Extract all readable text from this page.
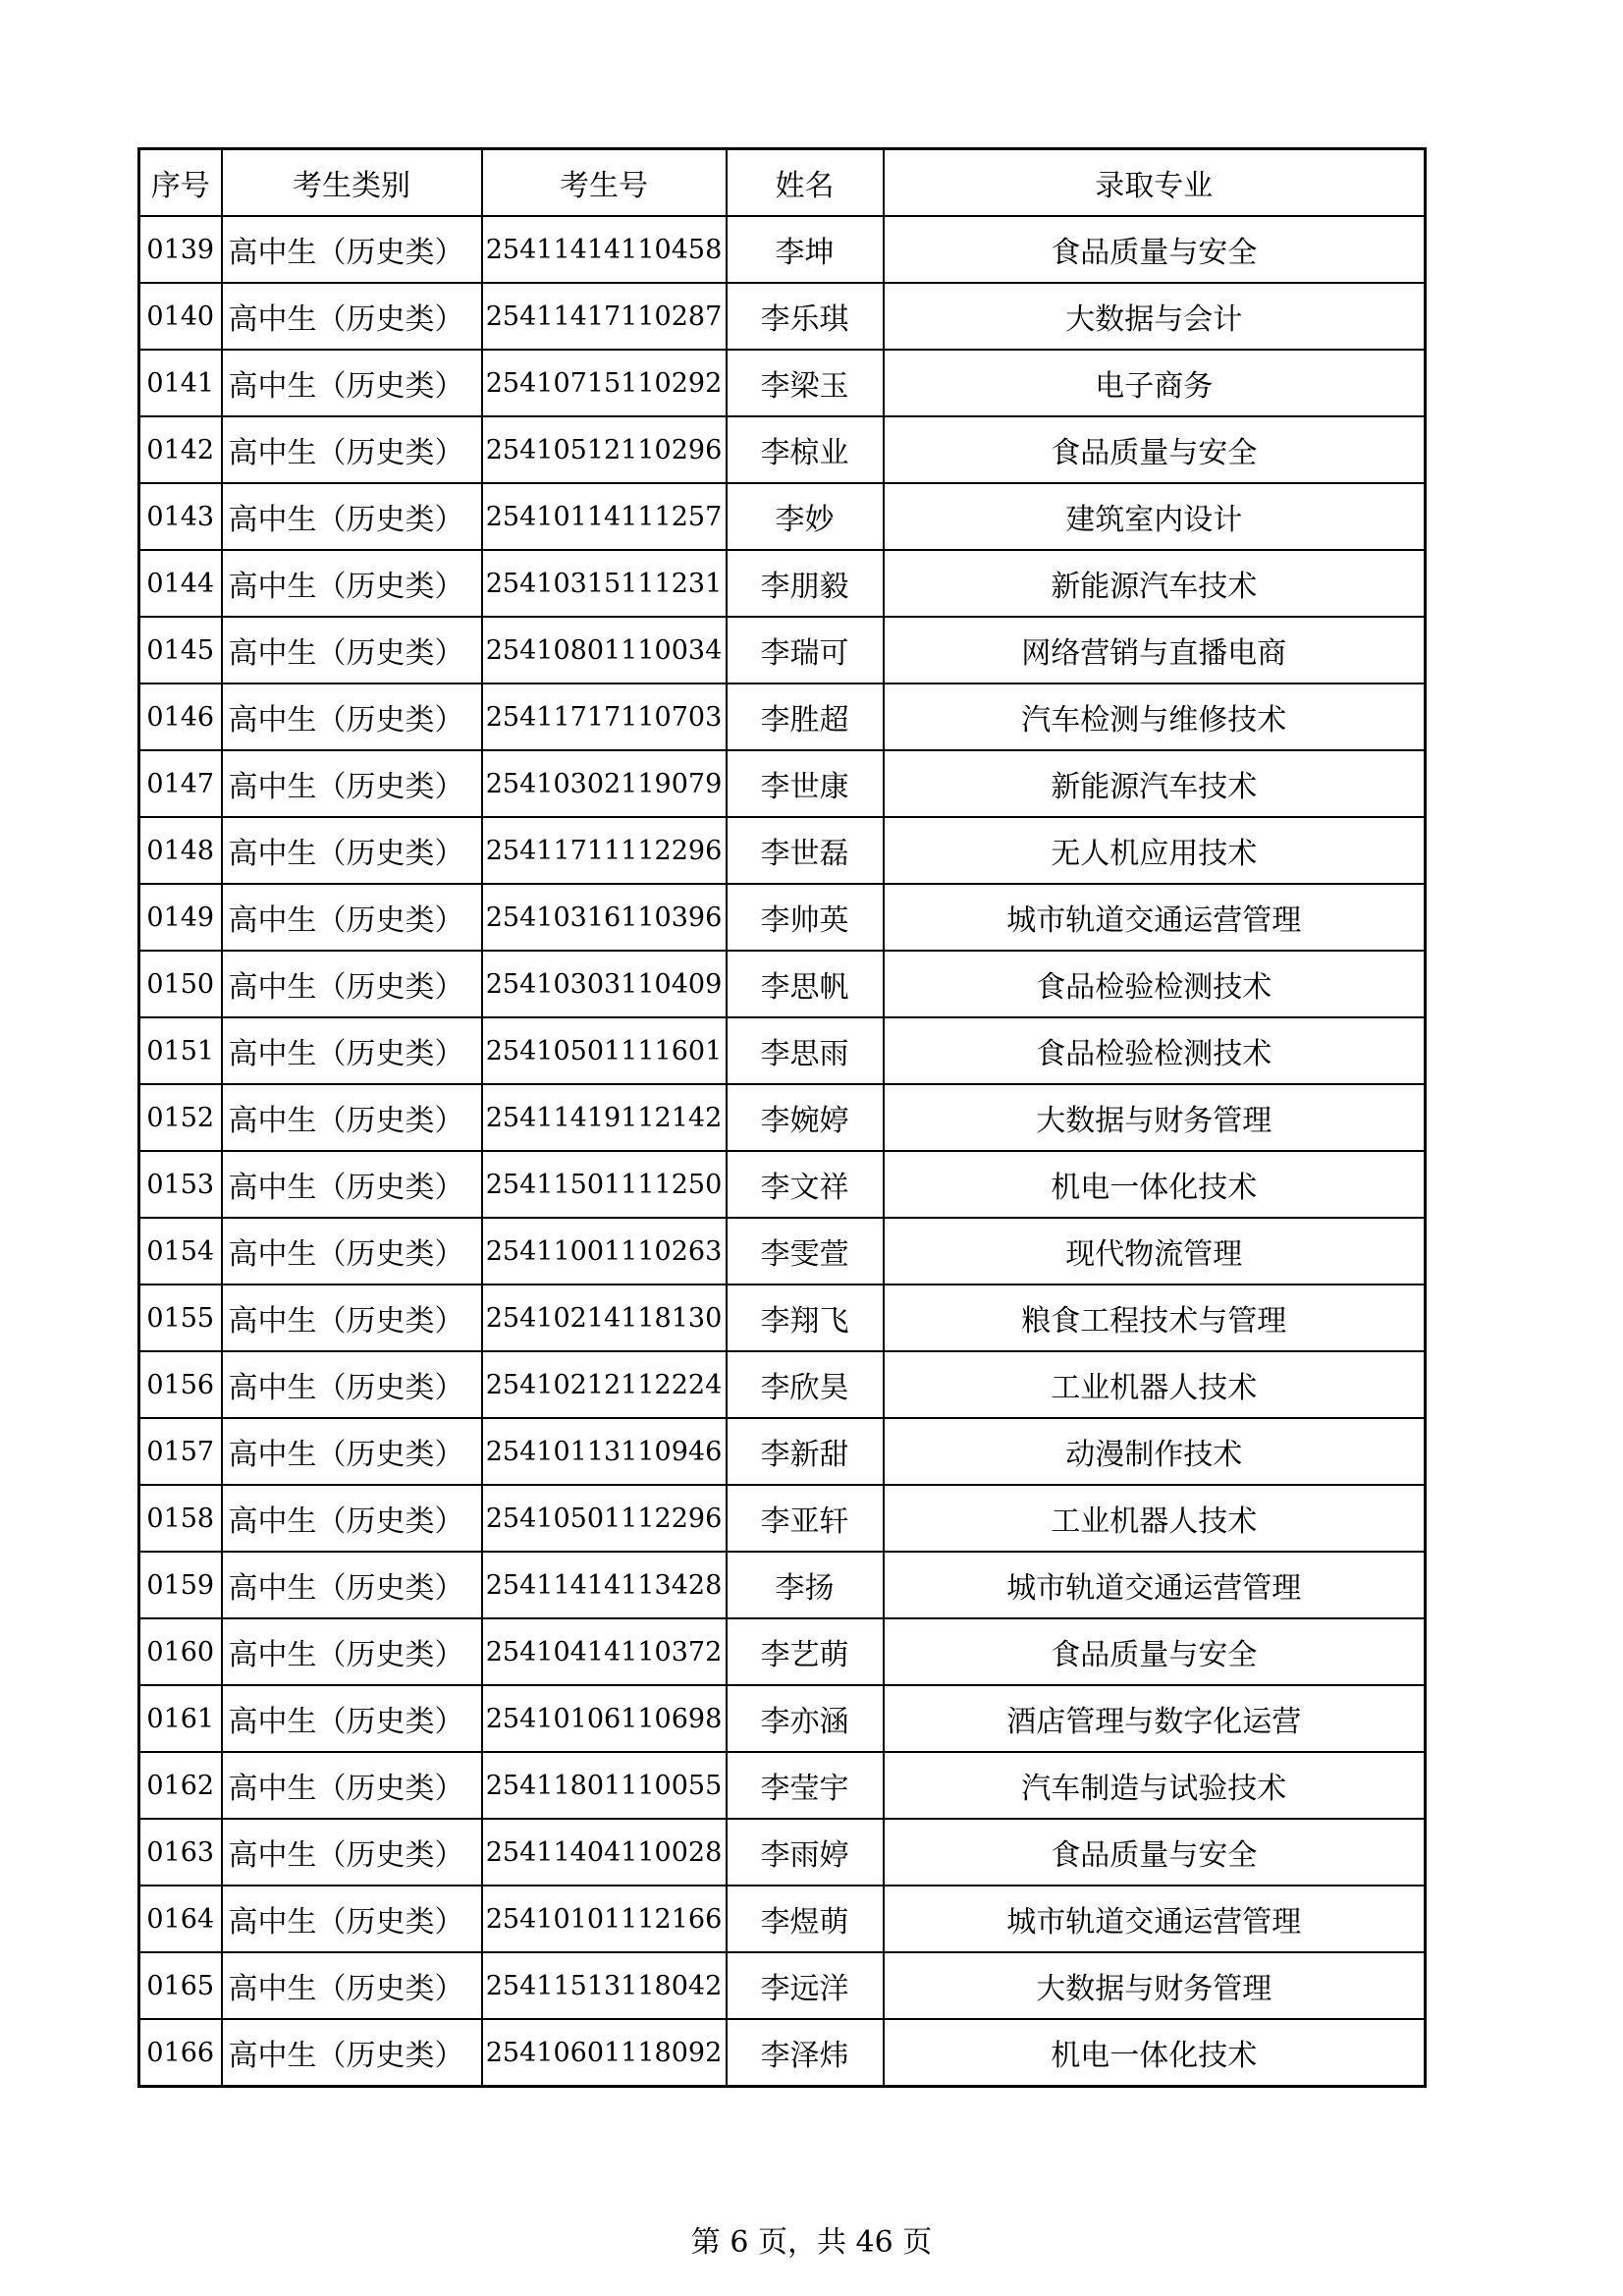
序号	考生类别	考生号	姓名	录取专业
0139	高中生（历史类）	25411414110458	李坤	食品质量与安全
0140	高中生（历史类）	25411417110287	李乐琪	大数据与会计
0141	高中生（历史类）	25410715110292	李梁玉	电子商务
0142	高中生（历史类）	25410512110296	李椋业	食品质量与安全
0143	高中生（历史类）	25410114111257	李妙	建筑室内设计
0144	高中生（历史类）	25410315111231	李朋毅	新能源汽车技术
0145	高中生（历史类）	25410801110034	李瑞可	网络营销与直播电商
0146	高中生（历史类）	25411717110703	李胜超	汽车检测与维修技术
0147	高中生（历史类）	25410302119079	李世康	新能源汽车技术
0148	高中生（历史类）	25411711112296	李世磊	无人机应用技术
0149	高中生（历史类）	25410316110396	李帅英	城市轨道交通运营管理
0150	高中生（历史类）	25410303110409	李思帆	食品检验检测技术
0151	高中生（历史类）	25410501111601	李思雨	食品检验检测技术
0152	高中生（历史类）	25411419112142	李婉婷	大数据与财务管理
0153	高中生（历史类）	25411501111250	李文祥	机电一体化技术
0154	高中生（历史类）	25411001110263	李雯萱	现代物流管理
0155	高中生（历史类）	25410214118130	李翔飞	粮食工程技术与管理
0156	高中生（历史类）	25410212112224	李欣昊	工业机器人技术
0157	高中生（历史类）	25410113110946	李新甜	动漫制作技术
0158	高中生（历史类）	25410501112296	李亚轩	工业机器人技术
0159	高中生（历史类）	25411414113428	李扬	城市轨道交通运营管理
0160	高中生（历史类）	25410414110372	李艺萌	食品质量与安全
0161	高中生（历史类）	25410106110698	李亦涵	酒店管理与数字化运营
0162	高中生（历史类）	25411801110055	李莹宇	汽车制造与试验技术
0163	高中生（历史类）	25411404110028	李雨婷	食品质量与安全
0164	高中生（历史类）	25410101112166	李煜萌	城市轨道交通运营管理
0165	高中生（历史类）	25411513118042	李远洋	大数据与财务管理
0166	高中生（历史类）	25410601118092	李泽炜	机电一体化技术
第 6 页，共 46 页
